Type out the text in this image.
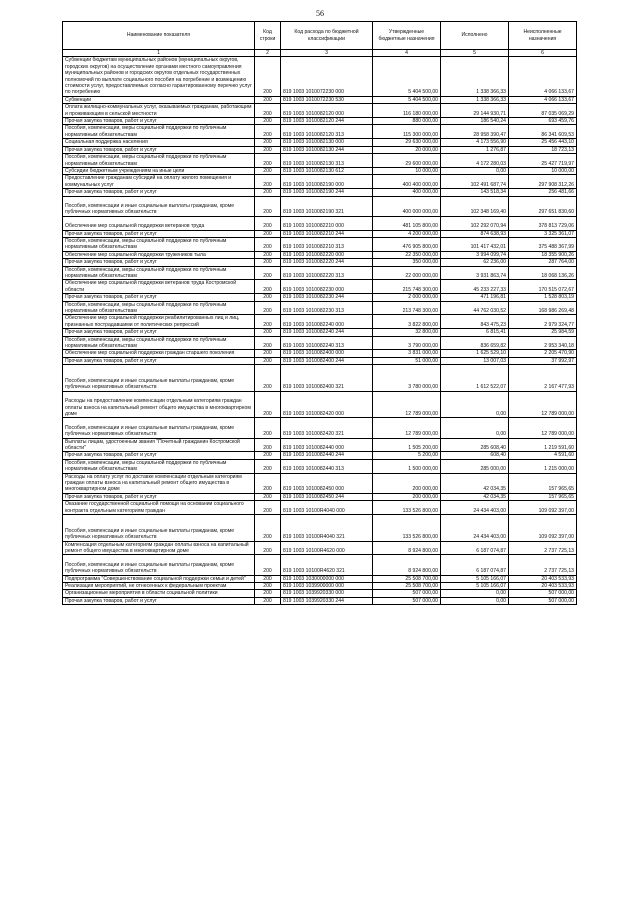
56
Наименование показателя	Код строки	Код расхода по бюджетной классификации	Утвержденные бюджетные назначения	Исполнено	Неисполненные назначения
1	2	3	4	5	6
Субвенции бюджетам муниципальных районов (муниципальных округов, городских округов) на осуществление органами местного самоуправления муниципальных районов и городских округов отдельных государственных полномочий по выплате социального пособия на погребение и возмещению стоимости услуг, предоставляемых согласно гарантированному перечню услуг по погребению	200	819 1003 1010072230 000	5 404 500,00	1 338 366,33	4 066 133,67
Субвенции	200	819 1003 1010072230 530	5 404 500,00	1 338 366,33	4 066 133,67
Оплата жилищно-коммунальных услуг, оказываемых гражданам, работающим и проживающим в сельской местности	200	819 1003 1010082120 000	116 180 000,00	29 144 930,71	87 035 069,29
Прочая закупка товаров, работ и услуг	200	819 1003 1010082120 244	880 000,00	186 540,24	693 459,76
Пособия, компенсации, меры социальной поддержки по публичным нормативным обязательствам	200	819 1003 1010082120 313	115 300 000,00	28 958 390,47	86 341 609,53
Социальная поддержка населения	200	819 1003 1010082130 000	29 630 000,00	4 173 556,90	25 456 443,10
Прочая закупка товаров, работ и услуг	200	819 1003 1010082130 244	20 000,00	1 276,87	18 723,13
Пособия, компенсации, меры социальной поддержки по публичным нормативным обязательствам	200	819 1003 1010082130 313	29 600 000,00	4 172 280,03	25 427 719,97
Субсидии бюджетным учреждениям на иные цели	200	819 1003 1010082130 612	10 000,00	0,00	10 000,00
Предоставление гражданам субсидий на оплату жилого помещения и коммунальных услуг	200	819 1003 1010082190 000	400 400 000,00	102 491 687,74	297 908 312,26
Прочая закупка товаров, работ и услуг	200	819 1003 1010082190 244	400 000,00	143 518,34	256 481,66
Пособия, компенсации и иные социальные выплаты гражданам, кроме публичных нормативных обязательств	200	819 1003 1010082190 321	400 000 000,00	102 348 169,40	297 651 830,60
Обеспечение мер социальной поддержки ветеранов труда	200	819 1003 1010082210 000	481 105 800,00	102 292 070,94	378 813 729,06
Прочая закупка товаров, работ и услуг	200	819 1003 1010082210 244	4 200 000,00	874 638,93	3 325 361,07
Пособия, компенсации, меры социальной поддержки по публичным нормативным обязательствам	200	819 1003 1010082210 313	476 905 800,00	101 417 432,01	375 488 367,99
Обеспечение мер социальной поддержки тружеников тыла	200	819 1003 1010082220 000	22 350 000,00	3 994 099,74	18 355 900,26
Прочая закупка товаров, работ и услуг	200	819 1003 1010082220 244	350 000,00	62 236,00	287 764,00
Пособия, компенсации, меры социальной поддержки по публичным нормативным обязательствам	200	819 1003 1010082220 313	22 000 000,00	3 931 863,74	18 068 136,26
Обеспечение мер социальной поддержки ветеранов труда Костромской области	200	819 1003 1010082230 000	215 748 300,00	45 233 227,33	170 515 072,67
Прочая закупка товаров, работ и услуг	200	819 1003 1010082230 244	2 000 000,00	471 196,81	1 528 803,19
Пособия, компенсации, меры социальной поддержки по публичным нормативным обязательствам	200	819 1003 1010082230 313	213 748 300,00	44 762 030,52	168 986 269,48
Обеспечение мер социальной поддержки реабилитированных лиц и лиц, признанных пострадавшими от политических репрессий	200	819 1003 1010082240 000	3 822 800,00	843 475,23	2 979 324,77
Прочая закупка товаров, работ и услуг	200	819 1003 1010082240 244	32 800,00	6 815,41	25 984,59
Пособия, компенсации, меры социальной поддержки по публичным нормативным обязательствам	200	819 1003 1010082240 313	3 790 000,00	836 659,82	2 953 340,18
Обеспечение мер социальной поддержки граждан старшего поколения	200	819 1003 1010082400 000	3 831 000,00	1 625 529,10	2 205 470,90
Прочая закупка товаров, работ и услуг	200	819 1003 1010082400 244	51 000,00	13 007,03	37 992,97
Пособия, компенсации и иные социальные выплаты гражданам, кроме публичных нормативных обязательств	200	819 1003 1010082400 321	3 780 000,00	1 612 522,07	2 167 477,93
Расходы на предоставление компенсации отдельным категориям граждан оплаты взноса на капитальный ремонт общего имущества в многоквартирном доме	200	819 1003 1010082420 000	12 789 000,00	0,00	12 789 000,00
Пособия, компенсации и иные социальные выплаты гражданам, кроме публичных нормативных обязательств	200	819 1003 1010082420 321	12 789 000,00	0,00	12 789 000,00
Выплаты лицам, удостоенным звания "Почетный гражданин Костромской области"	200	819 1003 1010082440 000	1 505 200,00	285 608,40	1 219 591,60
Прочая закупка товаров, работ и услуг	200	819 1003 1010082440 244	5 200,00	608,40	4 591,60
Пособия, компенсации, меры социальной поддержки по публичным нормативным обязательствам	200	819 1003 1010082440 313	1 500 000,00	285 000,00	1 215 000,00
Расходы на оплату услуг по доставке компенсации отдельным категориям граждан оплаты взноса на капитальный ремонт общего имущества в многоквартирном доме	200	819 1003 1010082450 000	200 000,00	42 034,35	157 965,65
Прочая закупка товаров, работ и услуг	200	819 1003 1010082450 244	200 000,00	42 034,35	157 965,65
Оказание государственной социальной помощи на основании социального контракта отдельным категориям граждан	200	819 1003 10100R4040 000	133 526 800,00	24 434 403,00	109 092 397,00
Пособия, компенсации и иные социальные выплаты гражданам, кроме публичных нормативных обязательств	200	819 1003 10100R4040 321	133 526 800,00	24 434 403,00	109 092 397,00
Компенсация отдельным категориям граждан оплаты взноса на капитальный ремонт общего имущества в многоквартирном доме	200	819 1003 10100R4620 000	8 924 800,00	6 187 074,87	2 737 725,13
Пособия, компенсации и иные социальные выплаты гражданам, кроме публичных нормативных обязательств	200	819 1003 10100R4620 321	8 924 800,00	6 187 074,87	2 737 725,13
Подпрограмма "Совершенствование социальной поддержки семьи и детей"	200	819 1003 1030000000 000	25 508 700,00	5 105 166,07	20 403 533,93
Реализация мероприятий, не отнесенных к федеральным проектам	200	819 1003 1039900000 000	25 508 700,00	5 105 166,07	20 403 533,93
Организационные мероприятия в области социальной политики	200	819 1003 1039920330 000	507 000,00	0,00	507 000,00
Прочая закупка товаров, работ и услуг	200	819 1003 1039920330 244	507 000,00	0,00	507 000,00
